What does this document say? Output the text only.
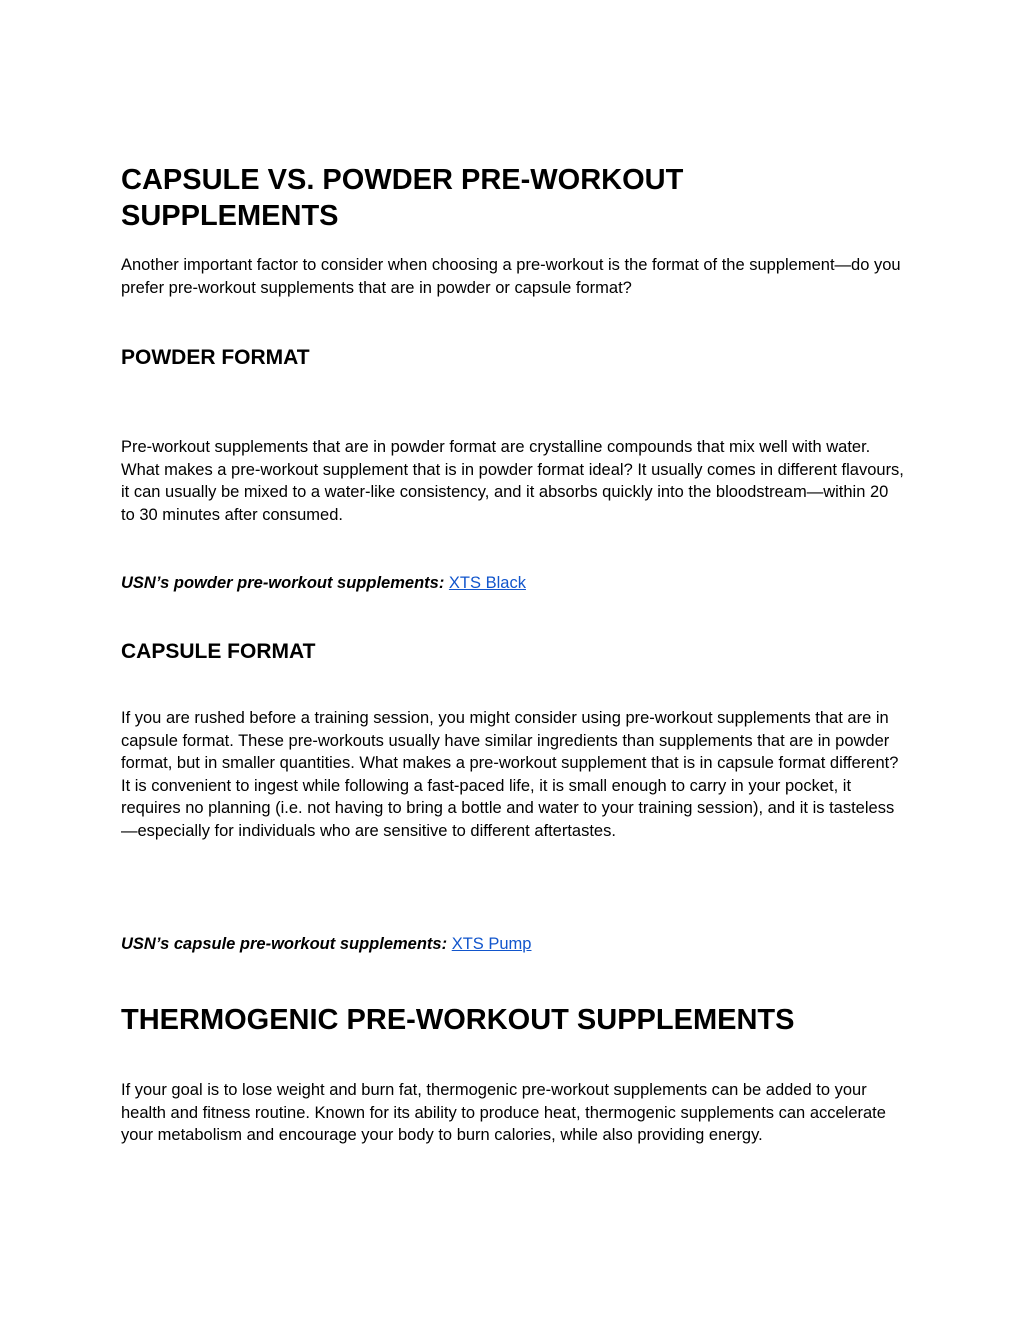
CAPSULE VS. POWDER PRE-WORKOUT SUPPLEMENTS

Another important factor to consider when choosing a pre-workout is the format of the supplement—do you prefer pre-workout supplements that are in powder or capsule format?

POWDER FORMAT

Pre-workout supplements that are in powder format are crystalline compounds that mix well with water. What makes a pre-workout supplement that is in powder format ideal? It usually comes in different flavours, it can usually be mixed to a water-like consistency, and it absorbs quickly into the bloodstream—within 20 to 30 minutes after consumed.

USN’s powder pre-workout supplements: XTS Black

CAPSULE FORMAT

If you are rushed before a training session, you might consider using pre-workout supplements that are in capsule format. These pre-workouts usually have similar ingredients than supplements that are in powder format, but in smaller quantities. What makes a pre-workout supplement that is in capsule format different? It is convenient to ingest while following a fast-paced life, it is small enough to carry in your pocket, it requires no planning (i.e. not having to bring a bottle and water to your training session), and it is tasteless—especially for individuals who are sensitive to different aftertastes.

USN’s capsule pre-workout supplements: XTS Pump

THERMOGENIC PRE-WORKOUT SUPPLEMENTS

If your goal is to lose weight and burn fat, thermogenic pre-workout supplements can be added to your health and fitness routine. Known for its ability to produce heat, thermogenic supplements can accelerate your metabolism and encourage your body to burn calories, while also providing energy.
